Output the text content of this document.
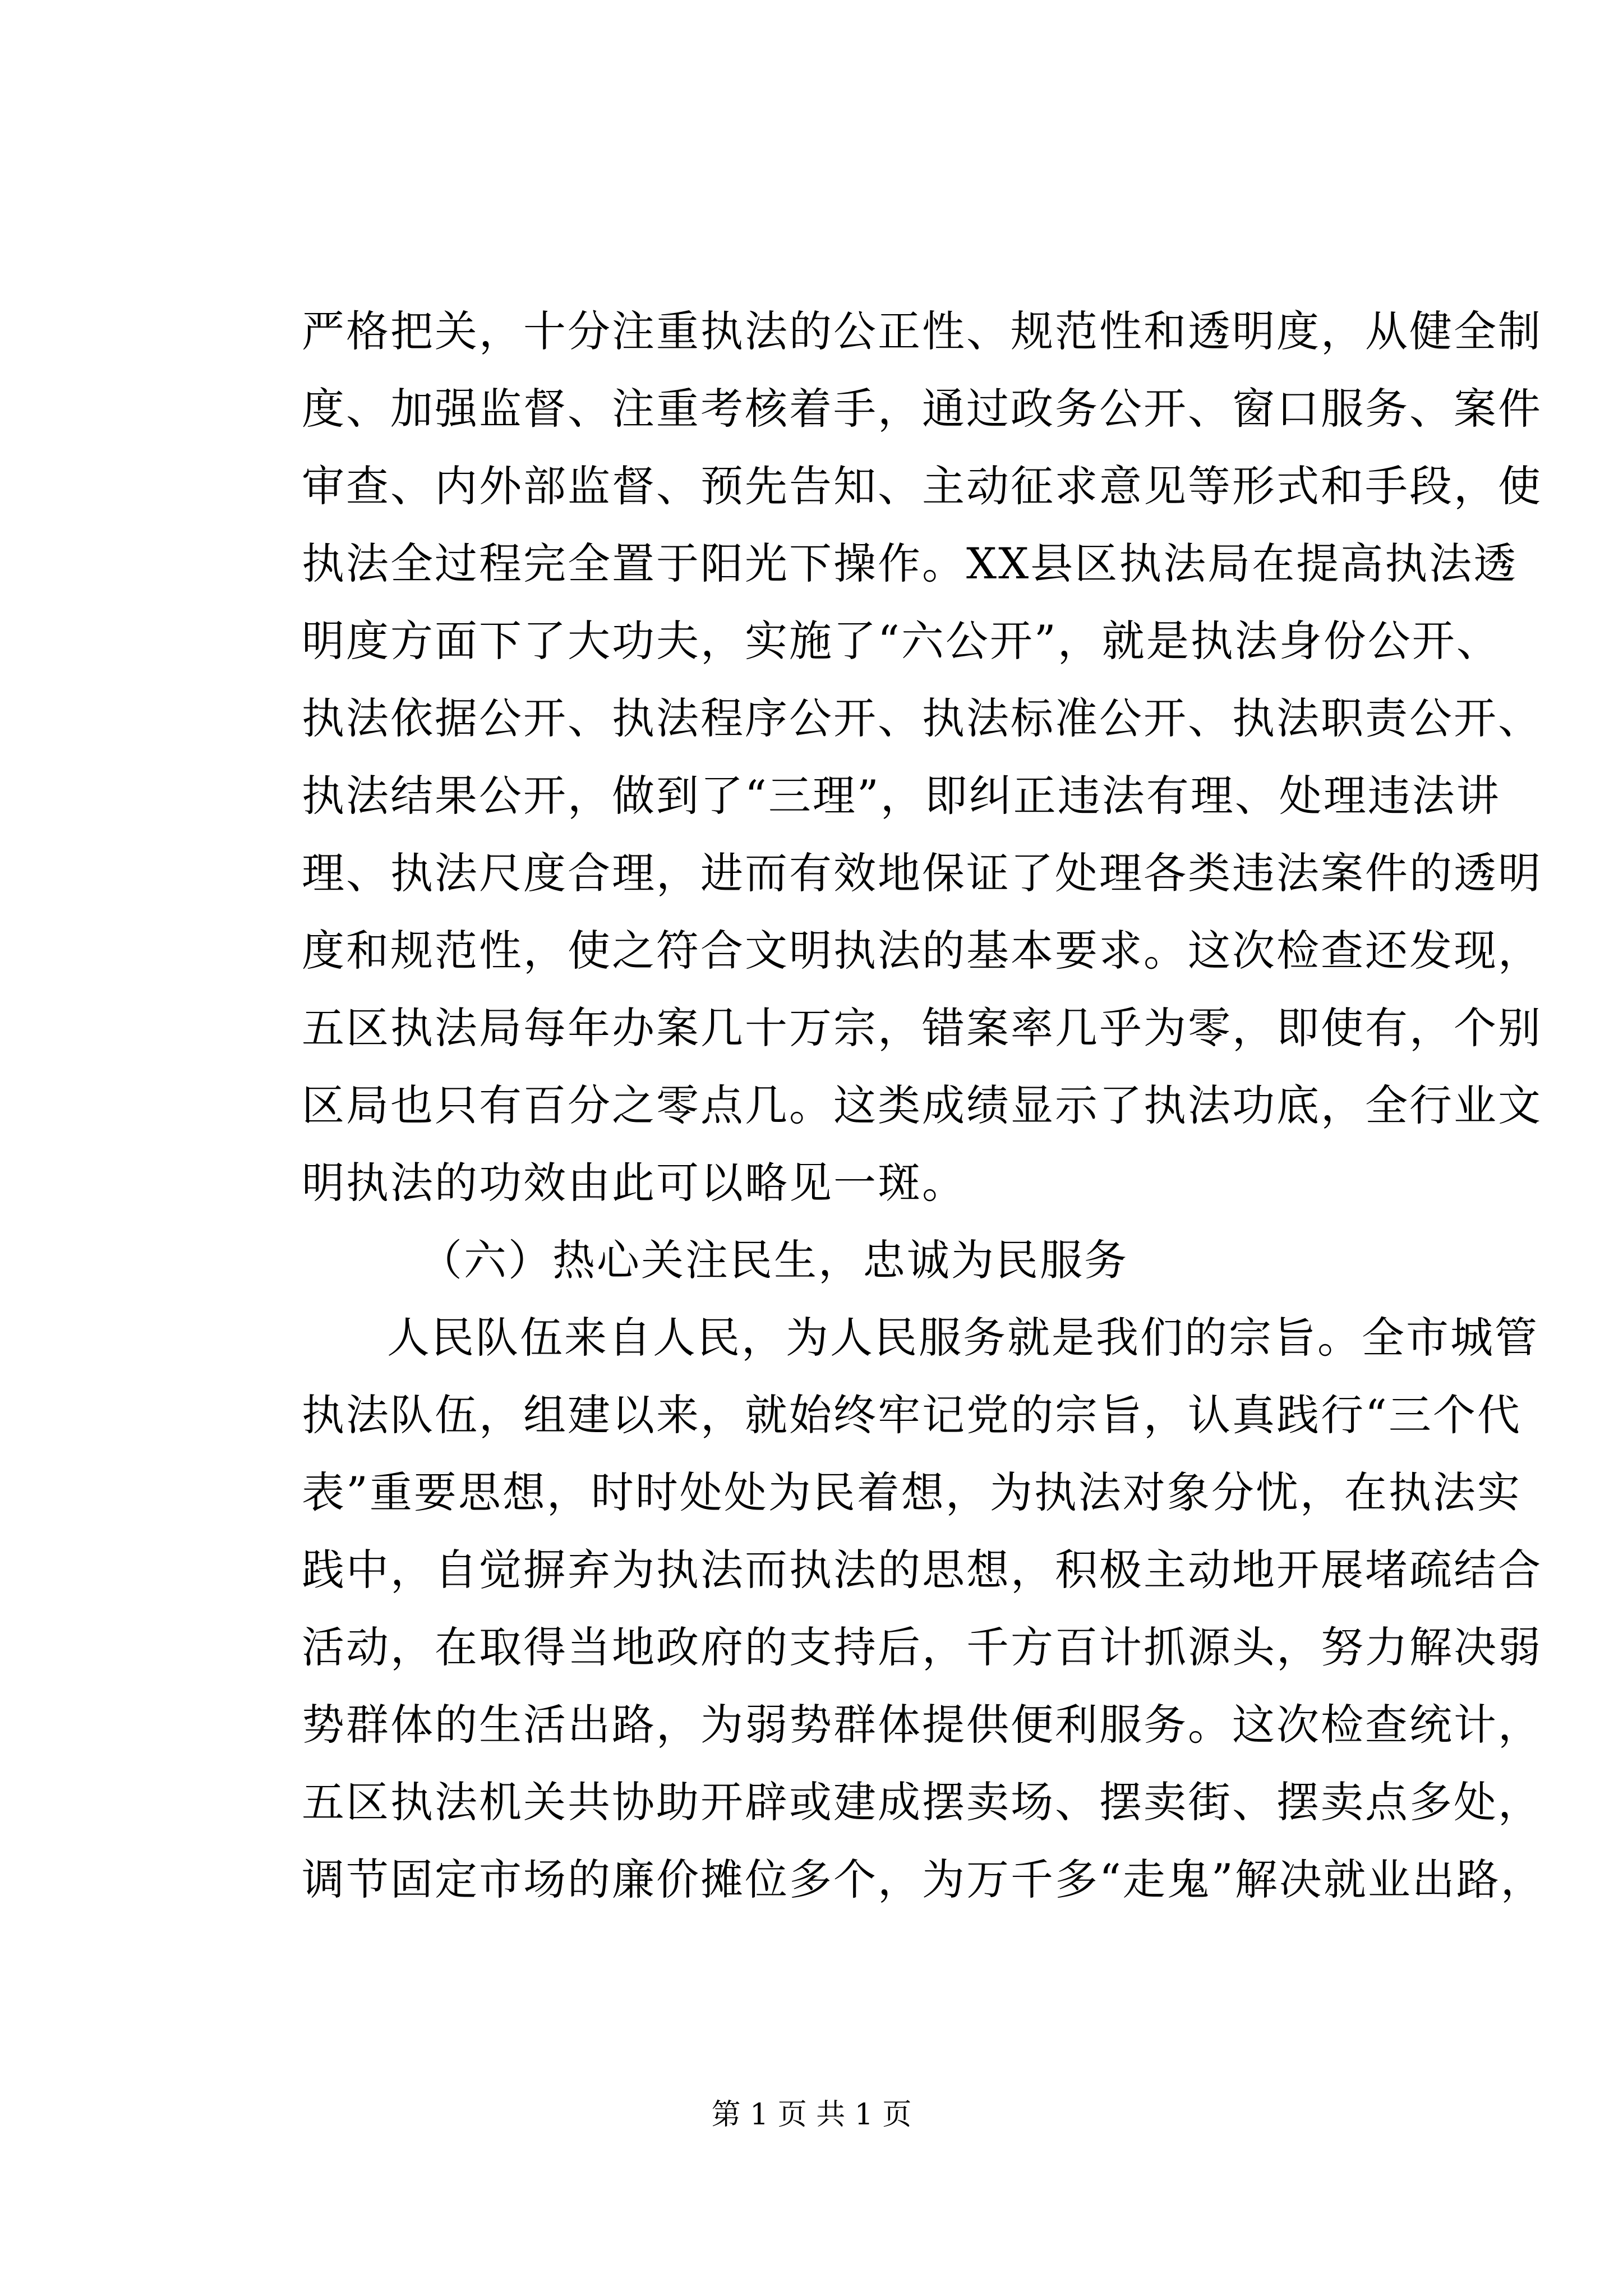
严格把关，十分注重执法的公正性、规范性和透明度，从健全制
度、加强监督、注重考核着手，通过政务公开、窗口服务、案件
审查、内外部监督、预先告知、主动征求意见等形式和手段，使
执法全过程完全置于阳光下操作。XX县区执法局在提高执法透
明度方面下了大功夫，实施了“六公开”，就是执法身份公开、
执法依据公开、执法程序公开、执法标准公开、执法职责公开、
执法结果公开，做到了“三理”，即纠正违法有理、处理违法讲
理、执法尺度合理，进而有效地保证了处理各类违法案件的透明
度和规范性，使之符合文明执法的基本要求。这次检查还发现，
五区执法局每年办案几十万宗，错案率几乎为零，即使有，个别
区局也只有百分之零点几。这类成绩显示了执法功底，全行业文
明执法的功效由此可以略见一斑。
（六）热心关注民生，忠诚为民服务
人民队伍来自人民，为人民服务就是我们的宗旨。全市城管
执法队伍，组建以来，就始终牢记党的宗旨，认真践行“三个代
表”重要思想，时时处处为民着想，为执法对象分忧，在执法实
践中，自觉摒弃为执法而执法的思想，积极主动地开展堵疏结合
活动，在取得当地政府的支持后，千方百计抓源头，努力解决弱
势群体的生活出路，为弱势群体提供便利服务。这次检查统计，
五区执法机关共协助开辟或建成摆卖场、摆卖街、摆卖点多处，
调节固定市场的廉价摊位多个，为万千多“走鬼”解决就业出路，
第 1 页 共 1 页
